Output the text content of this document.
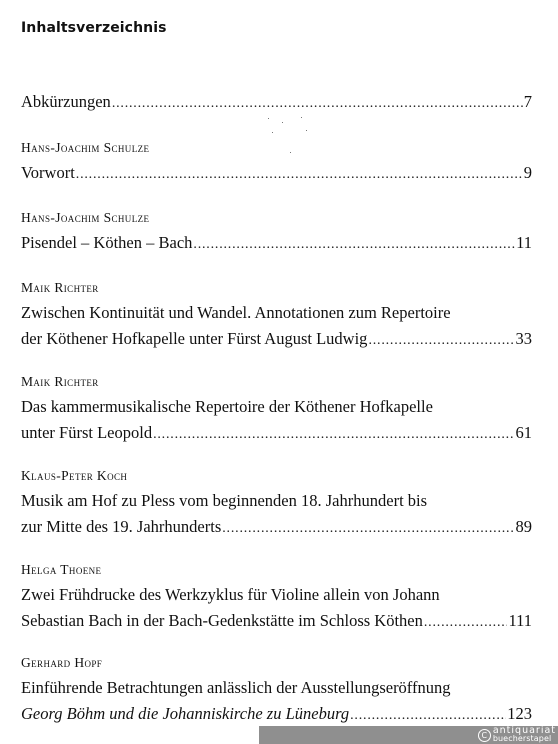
Inhaltsverzeichnis
Abkürzungen .....	7
Hans-Joachim Schulze
Vorwort .....	9
Hans-Joachim Schulze
Pisendel – Köthen – Bach .....	11
Maik Richter
Zwischen Kontinuität und Wandel. Annotationen zum Repertoire
der Köthener Hofkapelle unter Fürst August Ludwig .....	33
Maik Richter
Das kammermusikalische Repertoire der Köthener Hofkapelle
unter Fürst Leopold .....	61
Klaus-Peter Koch
Musik am Hof zu Pless vom beginnenden 18. Jahrhundert bis
zur Mitte des 19. Jahrhunderts .....	89
Helga Thoene
Zwei Frühdrucke des Werkzyklus für Violine allein von Johann
Sebastian Bach in der Bach-Gedenkstätte im Schloss Köthen .....	111
Gerhard Hopf
Einführende Betrachtungen anlässlich der Ausstellungseröffnung
Georg Böhm und die Johanniskirche zu Lüneburg .....	123
C antiquariat
buecherstapel
